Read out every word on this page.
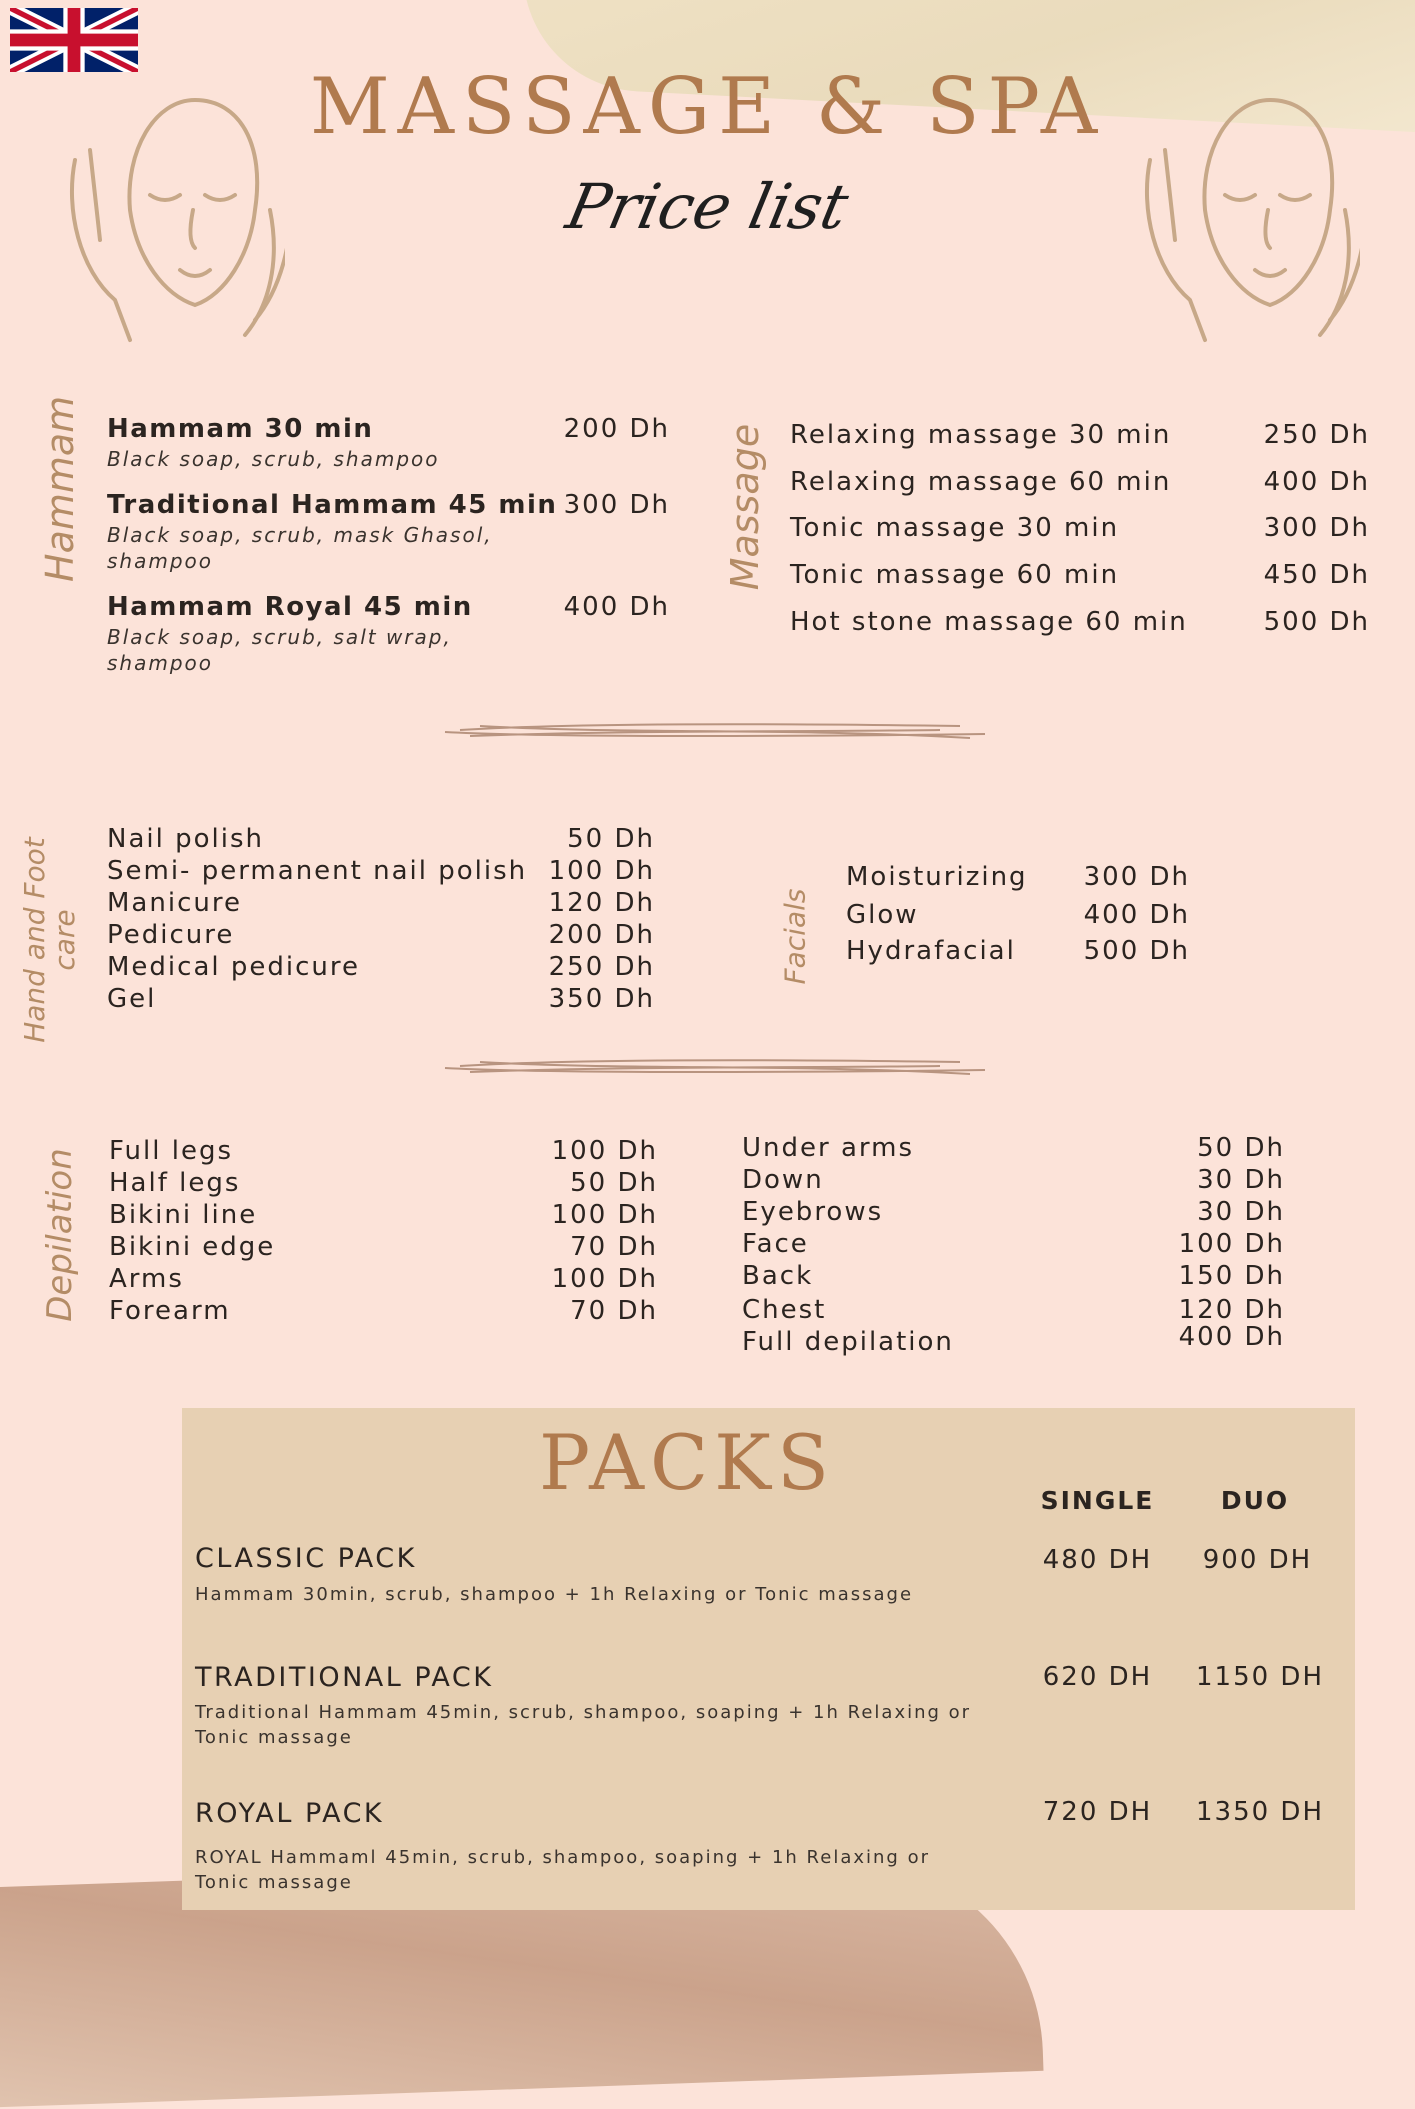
MASSAGE & SPA
Price list
Hammam Hammam 30 min	200 Dh
Black soap, scrub, shampoo
Traditional Hammam 45 min 300 Dh
Black soap, scrub, mask Ghasol,
shampoo
Hammam Royal 45 min	400 Dh
Black soap, scrub, salt wrap,
shampoo
Massage Relaxing massage 30 min	250 Dh
Relaxing massage 60 min	400 Dh
Tonic massage 30 min	300 Dh
Tonic massage 60 min	450 Dh
Hot stone massage 60 min	500 Dh
Hand and Foot
care
Nail polish	50 Dh
Semi- permanent nail polish 100 Dh
Manicure	120 Dh
Pedicure	200 Dh
Medical pedicure	250 Dh
Gel	350 Dh
Facials
Moisturizing	300 Dh
Glow	400 Dh
Hydrafacial	500 Dh
Depilation Full legs	100 Dh
Half legs	50 Dh
Bikini line	100 Dh
Bikini edge	70 Dh
Arms	100 Dh
Forearm	70 Dh
Under arms	50 Dh
Down	30 Dh
Eyebrows	30 Dh
Face	100 Dh
Back	150 Dh
Chest	120 Dh
Full depilation	400 Dh
PACKS	SINGLE	DUO
CLASSIC PACK
Hammam 30min, scrub, shampoo + 1h Relaxing or Tonic massage
480 DH	900 DH
TRADITIONAL PACK
Traditional Hammam 45min, scrub, shampoo, soaping + 1h Relaxing or
Tonic massage
620 DH	1150 DH
ROYAL PACK
ROYAL Hammaml 45min, scrub, shampoo, soaping + 1h Relaxing or
Tonic massage
720 DH	1350 DH
